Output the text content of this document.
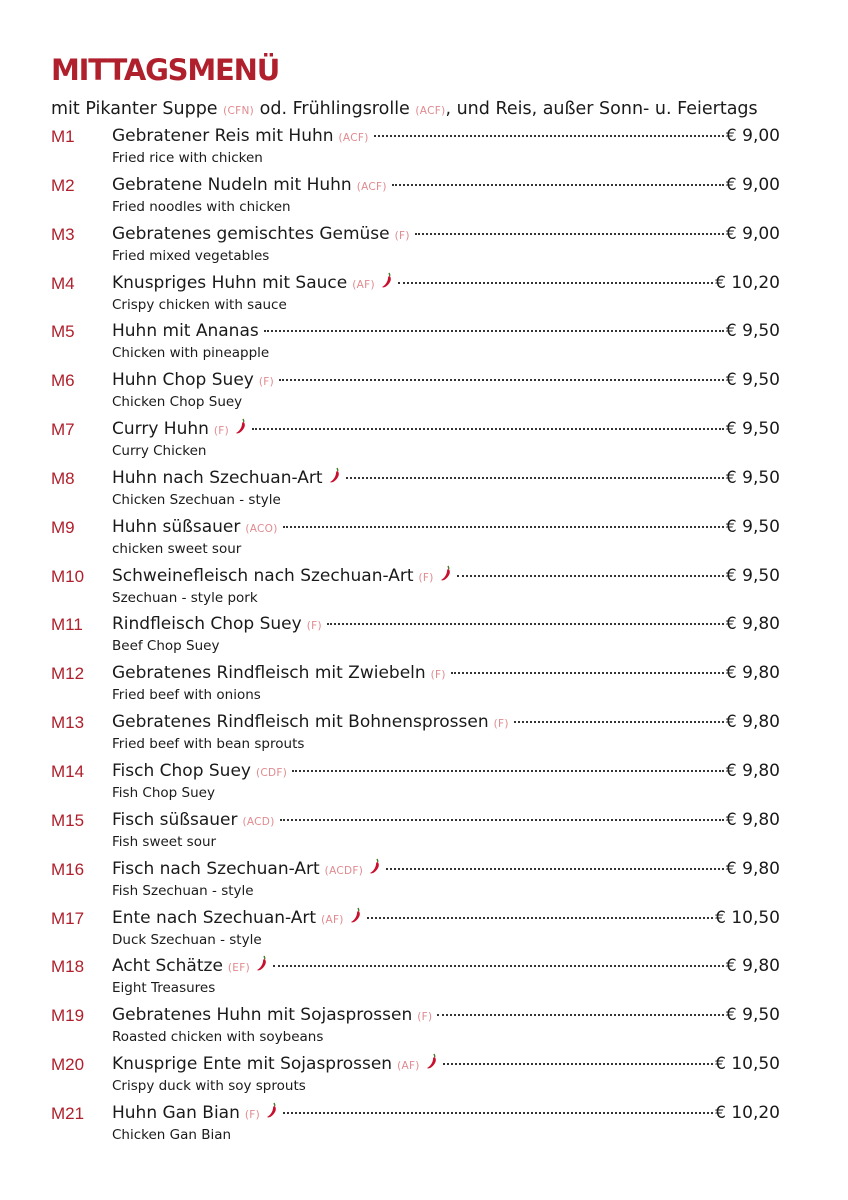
MITTAGSMENÜ
mit Pikanter Suppe (CFN) od. Frühlingsrolle (ACF), und Reis, außer Sonn- u. Feiertags
M1 Gebratener Reis mit Huhn (ACF)	€ 9,00
Fried rice with chicken
M2 Gebratene Nudeln mit Huhn (ACF)	€ 9,00
Fried noodles with chicken
M3 Gebratenes gemischtes Gemüse (F)	€ 9,00
Fried mixed vegetables
M4 Knuspriges Huhn mit Sauce (AF)	€ 10,20
Crispy chicken with sauce
M5 Huhn mit Ananas	€ 9,50
Chicken with pineapple
M6 Huhn Chop Suey (F)	€ 9,50
Chicken Chop Suey
M7 Curry Huhn (F)	€ 9,50
Curry Chicken
M8 Huhn nach Szechuan-Art	€ 9,50
Chicken Szechuan - style
M9 Huhn süßsauer (ACO)	€ 9,50
chicken sweet sour
M10 Schweinefleisch nach Szechuan-Art (F)	€ 9,50
Szechuan - style pork
M11 Rindfleisch Chop Suey (F)	€ 9,80
Beef Chop Suey
M12 Gebratenes Rindfleisch mit Zwiebeln (F)	€ 9,80
Fried beef with onions
M13 Gebratenes Rindfleisch mit Bohnensprossen (F)	€ 9,80
Fried beef with bean sprouts
M14 Fisch Chop Suey (CDF)	€ 9,80
Fish Chop Suey
M15 Fisch süßsauer (ACD)	€ 9,80
Fish sweet sour
M16 Fisch nach Szechuan-Art (ACDF)	€ 9,80
Fish Szechuan - style
M17 Ente nach Szechuan-Art (AF)	€ 10,50
Duck Szechuan - style
M18 Acht Schätze (EF)	€ 9,80
Eight Treasures
M19 Gebratenes Huhn mit Sojasprossen (F)	€ 9,50
Roasted chicken with soybeans
M20 Knusprige Ente mit Sojasprossen (AF)	€ 10,50
Crispy duck with soy sprouts
M21 Huhn Gan Bian (F)	€ 10,20
Chicken Gan Bian
